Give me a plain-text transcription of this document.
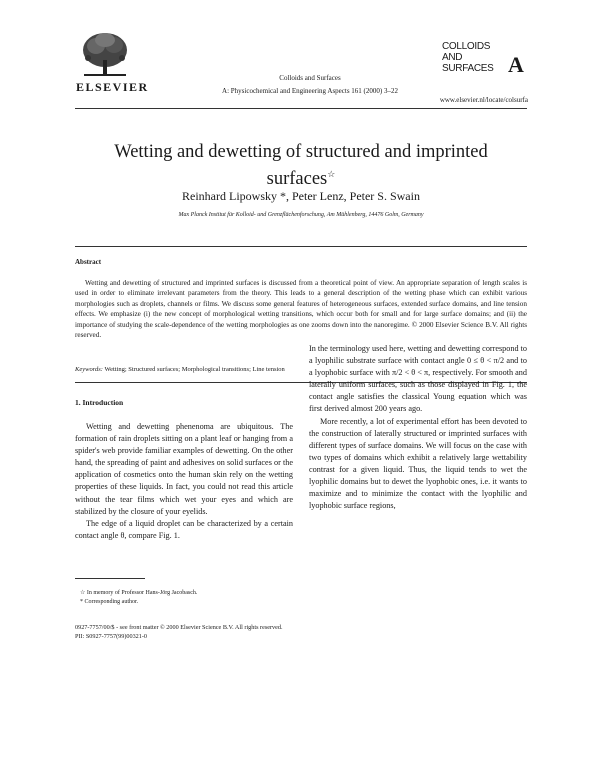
ELSEVIER
Colloids and Surfaces
A: Physicochemical and Engineering Aspects 161 (2000) 3–22
COLLOIDS
AND
SURFACES A
www.elsevier.nl/locate/colsurfa
Wetting and dewetting of structured and imprinted
surfaces☆
Reinhard Lipowsky *, Peter Lenz, Peter S. Swain
Max Planck Institut für Kolloid- und Grenzflächenforschung, Am Mühlenberg, 14476 Golm, Germany
Abstract
Wetting and dewetting of structured and imprinted surfaces is discussed from a theoretical point of view. An appropriate separation of length scales is used in order to eliminate irrelevant parameters from the theory. This leads to a general description of the wetting phase which can exhibit various morphologies such as droplets, channels or films. We discuss some general features of heterogeneous surfaces, extended surface domains, and line tension effects. We emphasize (i) the new concept of morphological wetting transitions, which occur both for small and for large surface domains; and (ii) the importance of studying the scale-dependence of the wetting morphologies as one zooms down into the nanoregime. © 2000 Elsevier Science B.V. All rights reserved.
Keywords: Wetting; Structured surfaces; Morphological transitions; Line tension
1. Introduction

Wetting and dewetting phenenoma are ubiquitous. The formation of rain droplets sitting on a plant leaf or hanging from a spider's web provide familiar examples of dewetting. On the other hand, the spreading of paint and adhesives on solid surfaces or the application of cosmetics onto the human skin rely on the wetting properties of these liquids. In fact, you could not read this article without the tear films which wet your eyes and which are stabilized by the closure of your eyelids.

The edge of a liquid droplet can be characterized by a certain contact angle θ, compare Fig. 1.

In the terminology used here, wetting and dewetting correspond to a lyophilic substrate surface with contact angle 0 ≤ θ < π/2 and to a lyophobic surface with π/2 < θ < π, respectively. For smooth and laterally uniform surfaces, such as those displayed in Fig. 1, the contact angle satisfies the classical Young equation which was first derived almost 200 years ago.

More recently, a lot of experimental effort has been devoted to the construction of laterally structured or imprinted surfaces with different types of surface domains. We will focus on the case with two types of domains which exhibit a relatively large wettability contrast for a given liquid. Thus, the liquid tends to wet the lyophilic domains but to dewet the lyophobic ones, i.e. it wants to maximize and to minimize the contact with the lyophilic and lyophobic surface regions,

☆ In memory of Professor Hans-Jörg Jacobasch.
* Corresponding author.
0927-7757/00/$ - see front matter © 2000 Elsevier Science B.V. All rights reserved.
PII: S0927-7757(99)00321-0
